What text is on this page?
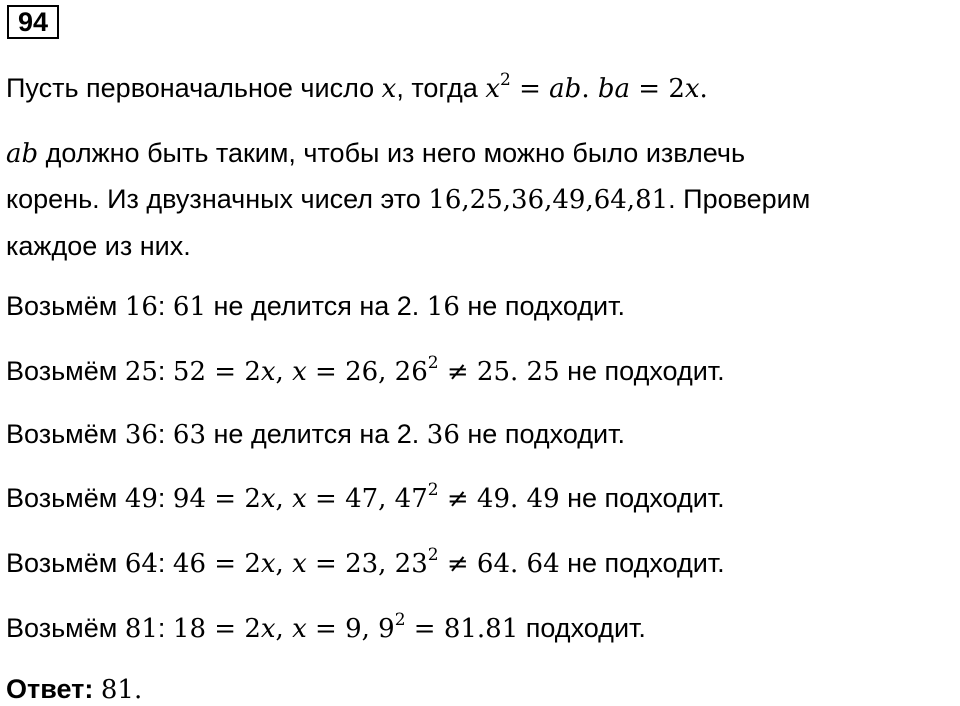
94
Пусть первоначальное число x, тогда $x^2$ = ab. ba = 2x.
ab должно быть таким, чтобы из него можно было извлечь
корень. Из двузначных чисел это 16,25,36,49,64,81. Проверим
каждое из них.
Возьмём 16: 61 не делится на 2. 16 не подходит.
Возьмём 25: 52 = 2x, x = 26, $26^2 \ne 25$. 25 не подходит.
Возьмём 36: 63 не делится на 2. 36 не подходит.
Возьмём 49: 94 = 2x, x = 47, $47^2 \ne 49$. 49 не подходит.
Возьмём 64: 46 = 2x, x = 23, $23^2 \ne 64$. 64 не подходит.
Возьмём 81: 18 = 2x, x = 9, $9^2 = 81.81$ подходит.
Ответ: 81.
